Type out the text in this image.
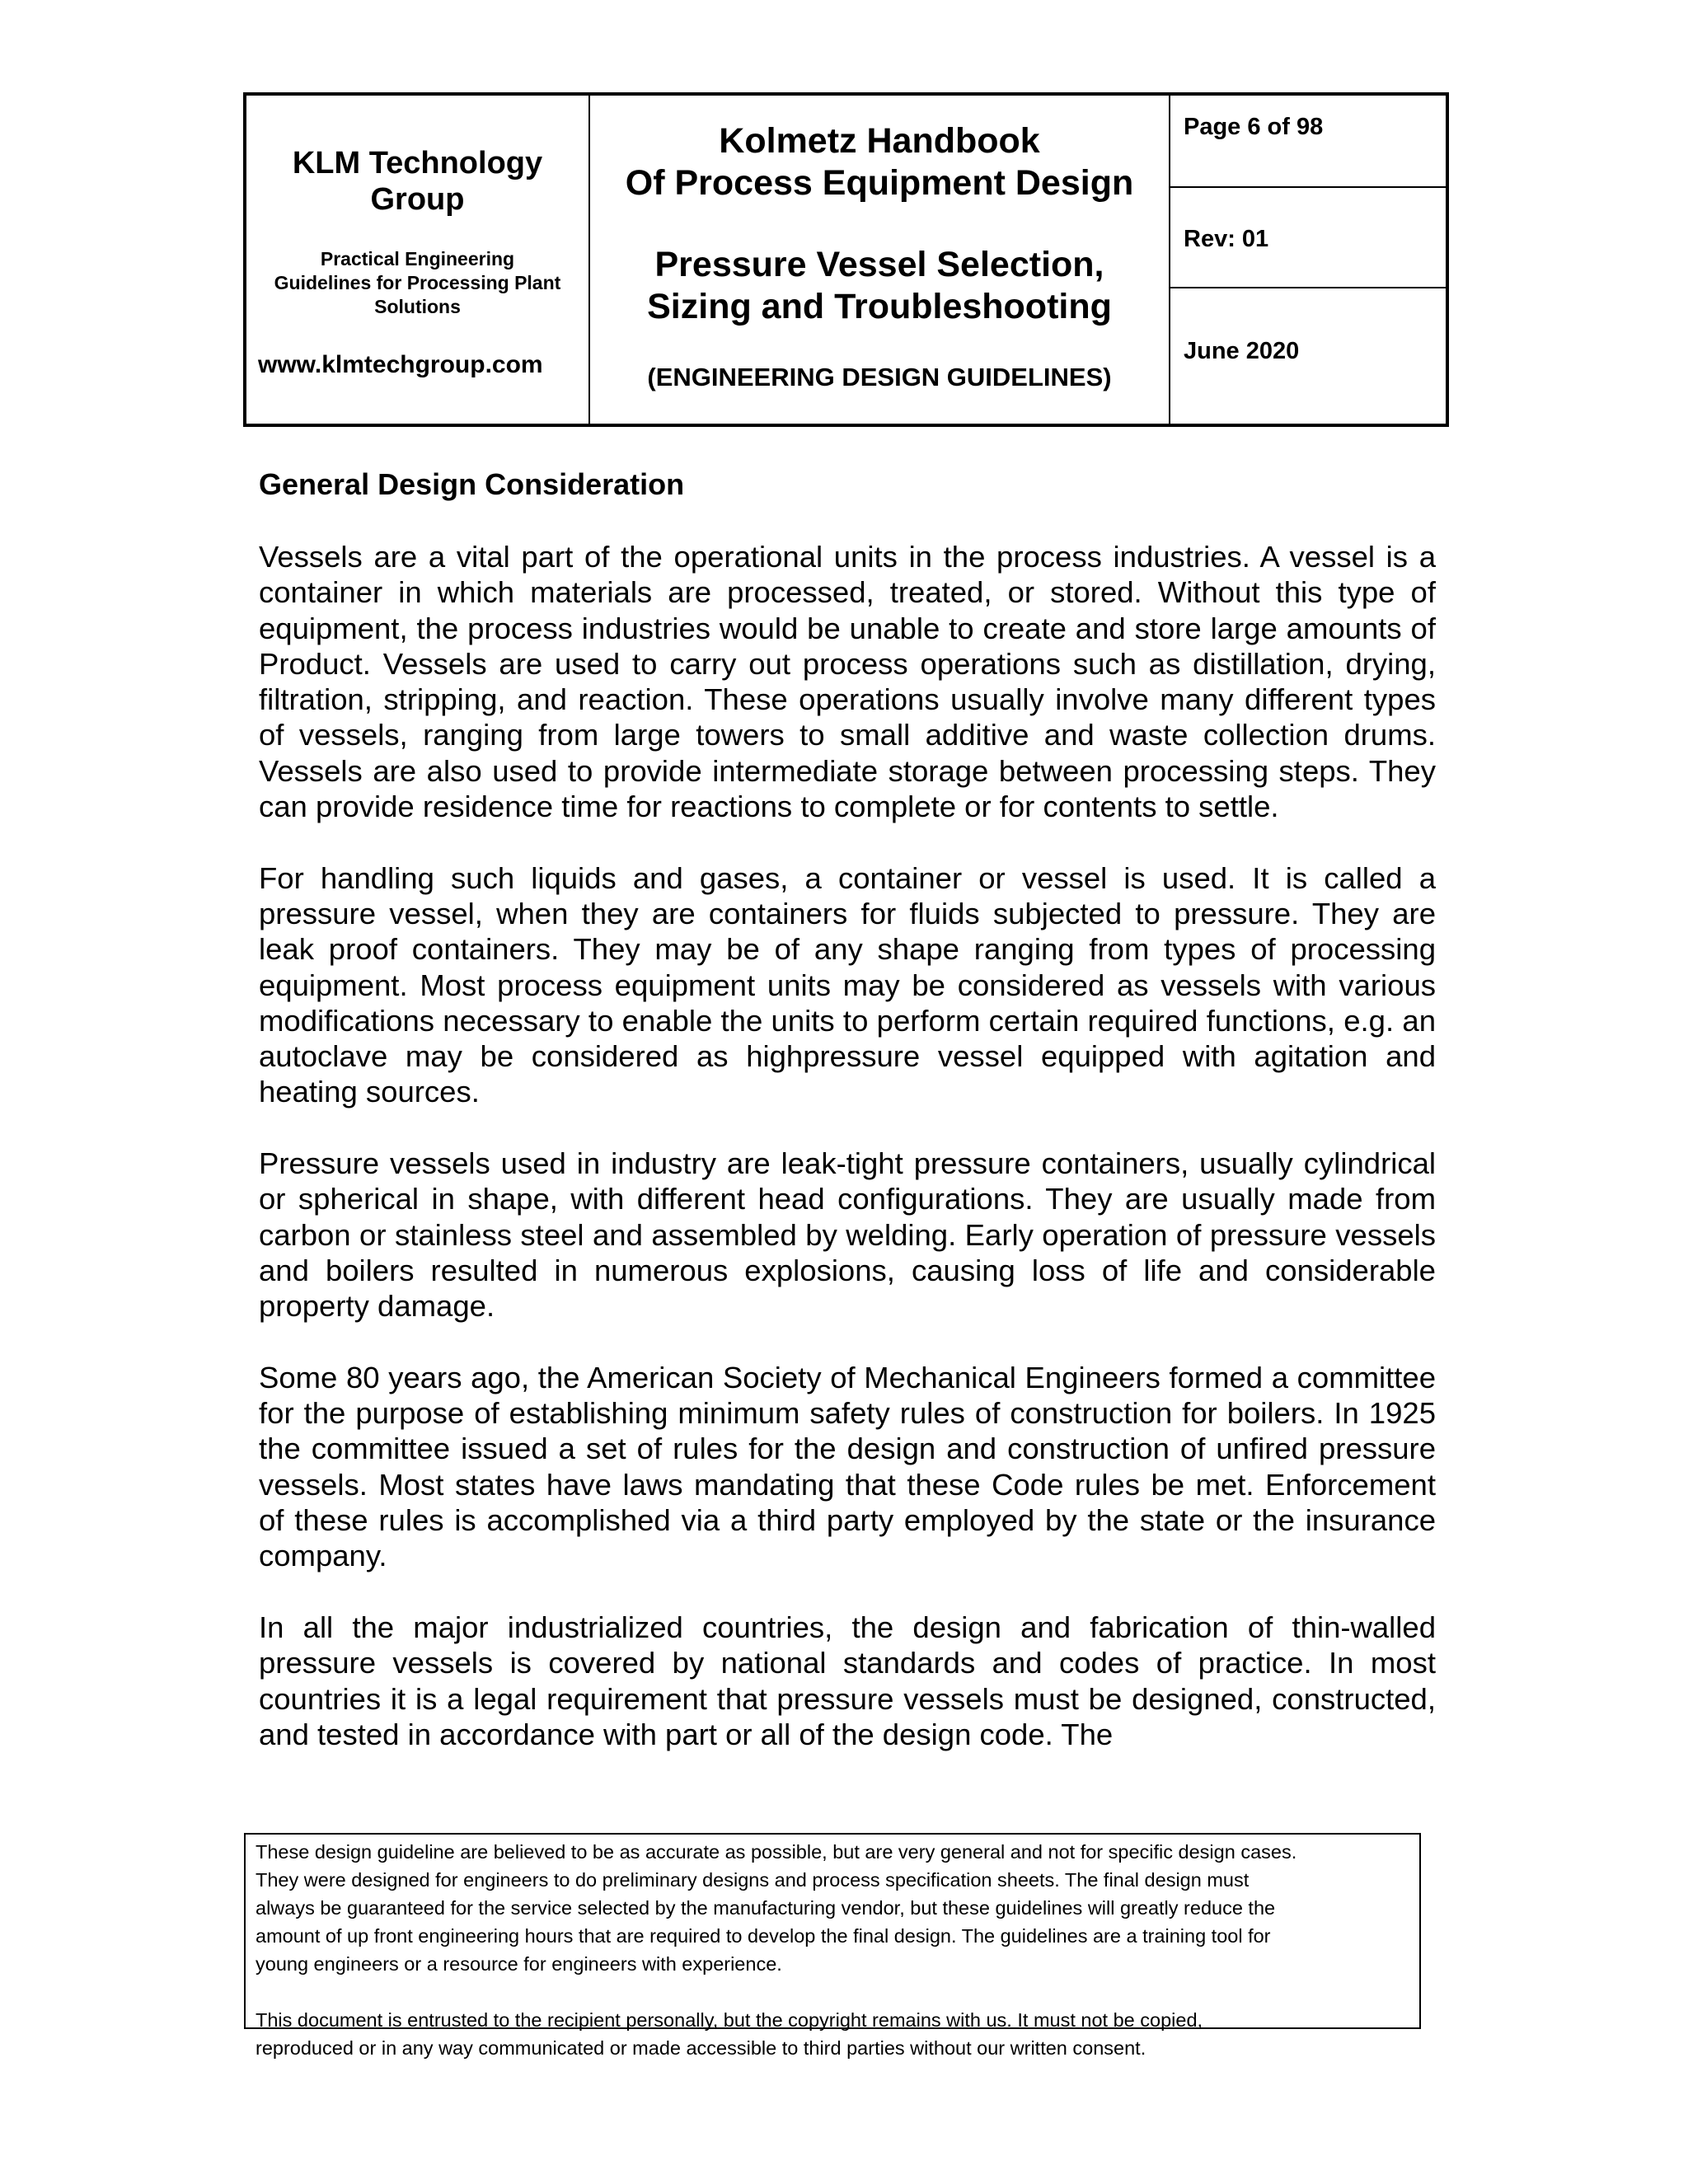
KLM Technology
Group
Practical Engineering
Guidelines for Processing Plant
Solutions
www.klmtechgroup.com
Kolmetz Handbook
Of Process Equipment Design
Pressure Vessel Selection,
Sizing and Troubleshooting
(ENGINEERING DESIGN GUIDELINES)
Page 6 of 98
Rev: 01
June 2020
General Design Consideration

Vessels are a vital part of the operational units in the process industries. A vessel is a container in which materials are processed, treated, or stored. Without this type of equipment, the process industries would be unable to create and store large amounts of Product. Vessels are used to carry out process operations such as distillation, drying, filtration, stripping, and reaction. These operations usually involve many different types of vessels, ranging from large towers to small additive and waste collection drums. Vessels are also used to provide intermediate storage between processing steps. They can provide residence time for reactions to complete or for contents to settle.

For handling such liquids and gases, a container or vessel is used. It is called a pressure vessel, when they are containers for fluids subjected to pressure. They are leak proof containers. They may be of any shape ranging from types of processing equipment. Most process equipment units may be considered as vessels with various modifications necessary to enable the units to perform certain required functions, e.g. an autoclave may be considered as highpressure vessel equipped with agitation and heating sources.

Pressure vessels used in industry are leak-tight pressure containers, usually cylindrical or spherical in shape, with different head configurations. They are usually made from carbon or stainless steel and assembled by welding. Early operation of pressure vessels and boilers resulted in numerous explosions, causing loss of life and considerable property damage.

Some 80 years ago, the American Society of Mechanical Engineers formed a committee for the purpose of establishing minimum safety rules of construction for boilers. In 1925 the committee issued a set of rules for the design and construction of unfired pressure vessels. Most states have laws mandating that these Code rules be met. Enforcement of these rules is accomplished via a third party employed by the state or the insurance company.

In all the major industrialized countries, the design and fabrication of thin-walled pressure vessels is covered by national standards and codes of practice. In most countries it is a legal requirement that pressure vessels must be designed, constructed, and tested in accordance with part or all of the design code. The

These design guideline are believed to be as accurate as possible, but are very general and not for specific design cases.

They were designed for engineers to do preliminary designs and process specification sheets. The final design must

always be guaranteed for the service selected by the manufacturing vendor, but these guidelines will greatly reduce the

amount of up front engineering hours that are required to develop the final design. The guidelines are a training tool for

young engineers or a resource for engineers with experience.

This document is entrusted to the recipient personally, but the copyright remains with us. It must not be copied,

reproduced or in any way communicated or made accessible to third parties without our written consent.
